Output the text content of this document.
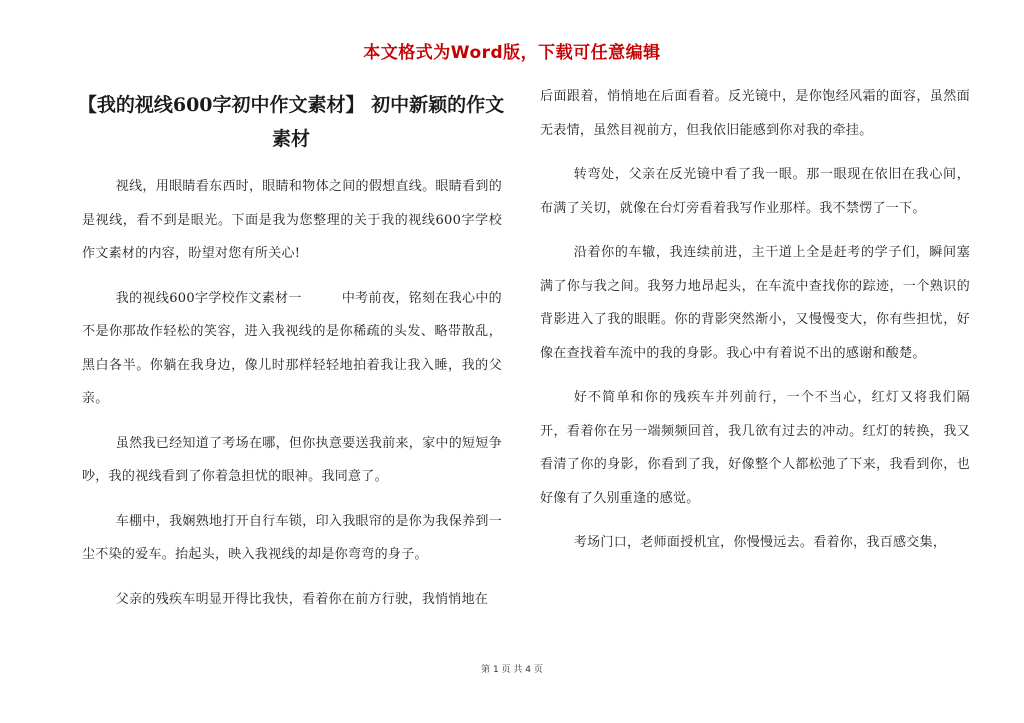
本文格式为Word版，下载可任意编辑
【我的视线600字初中作文素材】 初中新颖的作文素材

视线，用眼睛看东西时，眼睛和物体之间的假想直线。眼睛看到的是视线，看不到是眼光。下面是我为您整理的关于我的视线600字学校作文素材的内容，盼望对您有所关心!

我的视线600字学校作文素材一　　　中考前夜，铭刻在我心中的不是你那故作轻松的笑容，进入我视线的是你稀疏的头发、略带散乱，黑白各半。你躺在我身边，像儿时那样轻轻地拍着我让我入睡，我的父亲。

虽然我已经知道了考场在哪，但你执意要送我前来，家中的短短争吵，我的视线看到了你着急担忧的眼神。我同意了。

车棚中，我娴熟地打开自行车锁，印入我眼帘的是你为我保养到一尘不染的爱车。抬起头，映入我视线的却是你弯弯的身子。

父亲的残疾车明显开得比我快，看着你在前方行驶，我悄悄地在

后面跟着，悄悄地在后面看着。反光镜中，是你饱经风霜的面容，虽然面无表情，虽然目视前方，但我依旧能感到你对我的牵挂。

转弯处，父亲在反光镜中看了我一眼。那一眼现在依旧在我心间，布满了关切，就像在台灯旁看着我写作业那样。我不禁愣了一下。

沿着你的车辙，我连续前进，主干道上全是赶考的学子们，瞬间塞满了你与我之间。我努力地昂起头，在车流中查找你的踪迹，一个熟识的背影进入了我的眼睚。你的背影突然渐小，又慢慢变大，你有些担忧，好像在查找着车流中的我的身影。我心中有着说不出的感谢和酸楚。

好不简单和你的残疾车并列前行，一个不当心，红灯又将我们隔开，看着你在另一端频频回首，我几欲有过去的冲动。红灯的转换，我又看清了你的身影，你看到了我，好像整个人都松弛了下来，我看到你，也好像有了久别重逢的感觉。

考场门口，老师面授机宜，你慢慢远去。看着你，我百感交集，

第 1 页 共 4 页
